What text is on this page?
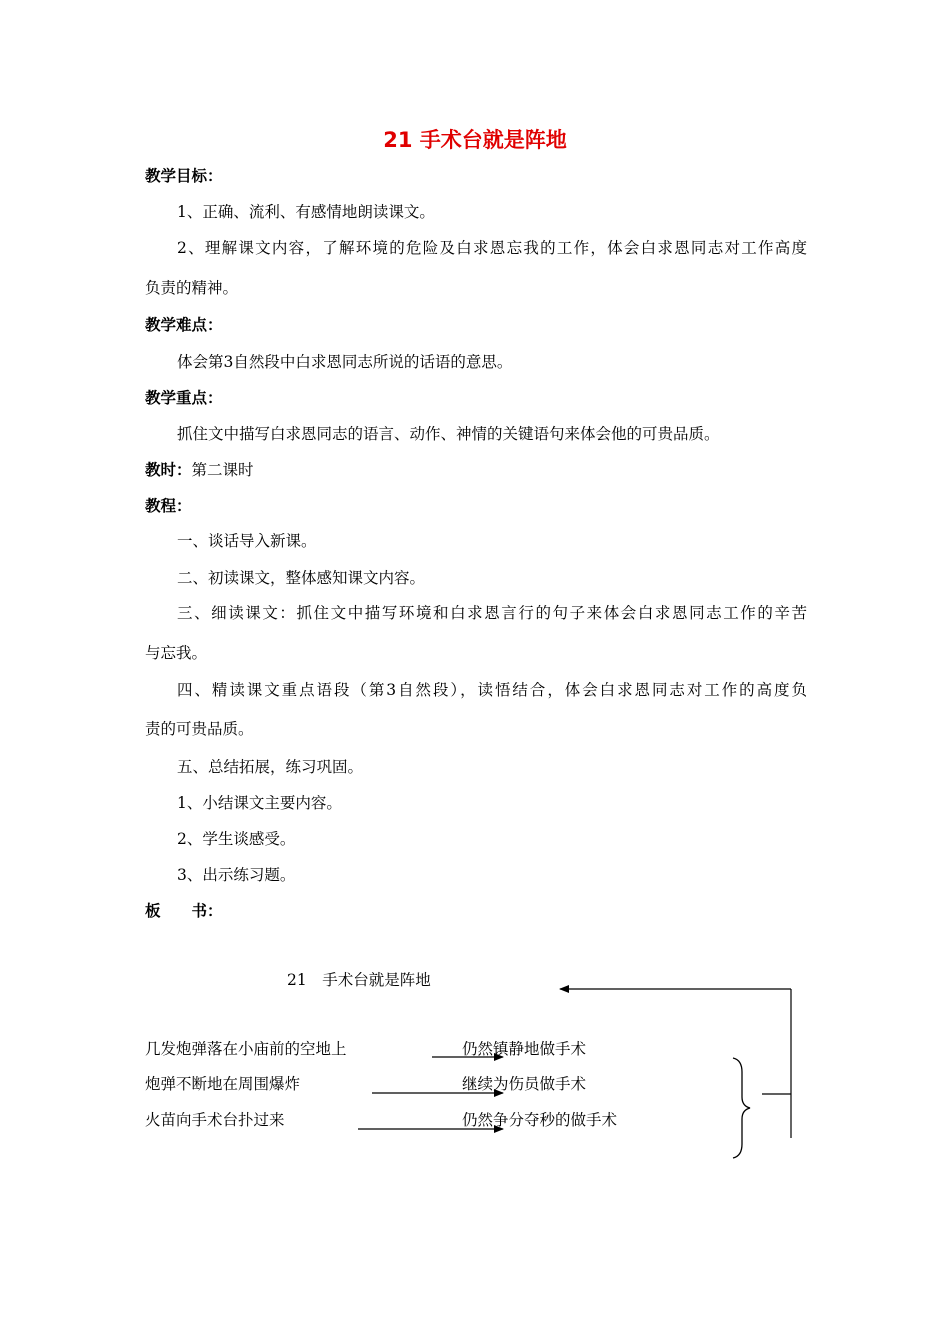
21 手术台就是阵地
教学目标：
1、正确、流利、有感情地朗读课文。
2、理解课文内容，了解环境的危险及白求恩忘我的工作，体会白求恩同志对工作高度
负责的精神。
教学难点：
体会第3自然段中白求恩同志所说的话语的意思。
教学重点：
抓住文中描写白求恩同志的语言、动作、神情的关键语句来体会他的可贵品质。
教时：第二课时
教程：
一、谈话导入新课。
二、初读课文，整体感知课文内容。
三、细读课文：抓住文中描写环境和白求恩言行的句子来体会白求恩同志工作的辛苦
与忘我。
四、精读课文重点语段（第3自然段），读悟结合，体会白求恩同志对工作的高度负
责的可贵品质。
五、总结拓展，练习巩固。
1、小结课文主要内容。
2、学生谈感受。
3、出示练习题。
板　　书：
21　手术台就是阵地
几发炮弹落在小庙前的空地上
炮弹不断地在周围爆炸
火苗向手术台扑过来
仍然镇静地做手术
继续为伤员做手术
仍然争分夺秒的做手术
